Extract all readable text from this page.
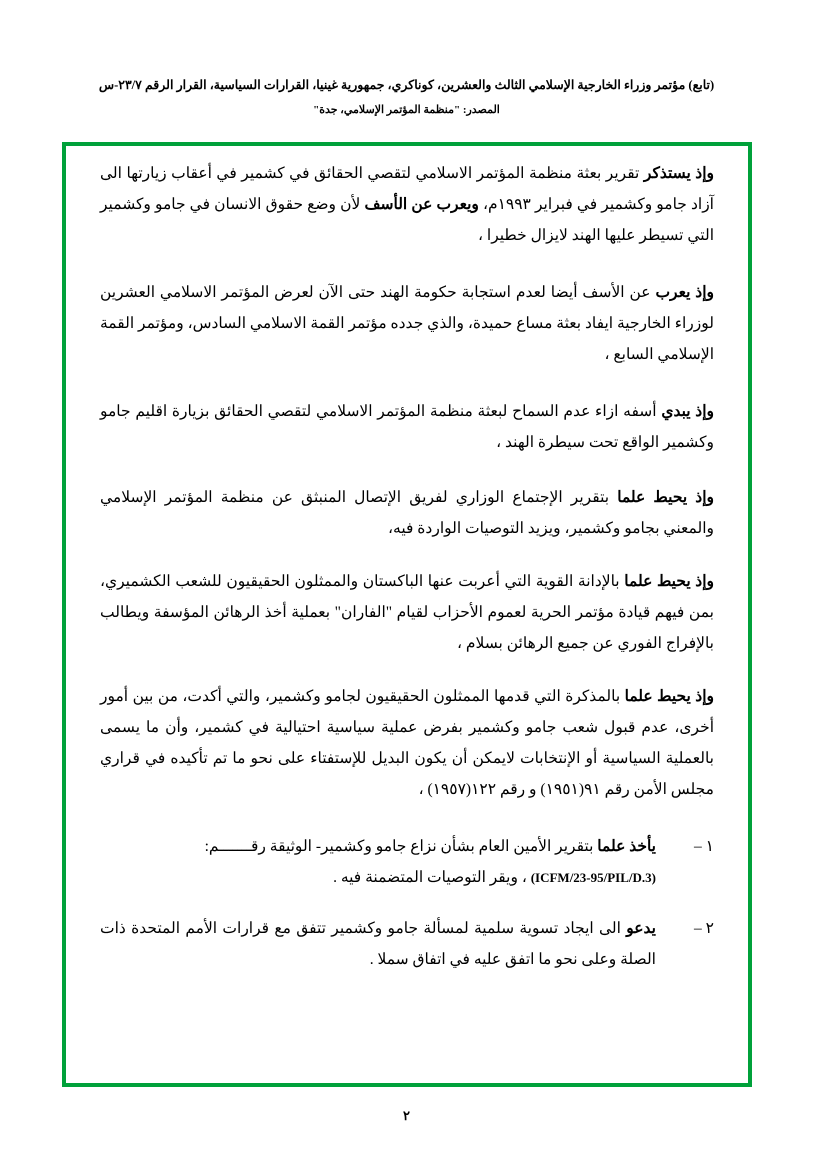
(تابع) مؤتمر وزراء الخارجية الإسلامي الثالث والعشرين، كوناكري، جمهورية غينيا، القرارات السياسية، القرار الرقم ٢٣/٧-س
المصدر: "منظمة المؤتمر الإسلامي، جدة"

وإذ يستذكر تقرير بعثة منظمة المؤتمر الاسلامي لتقصي الحقائق في كشمير في أعقاب زيارتها الى آزاد جامو وكشمير في فبراير ١٩٩٣م، ويعرب عن الأسف لأن وضع حقوق الانسان في جامو وكشمير التي تسيطر عليها الهند لايزال خطيرا ،

وإذ يعرب عن الأسف أيضا لعدم استجابة حكومة الهند حتى الآن لعرض المؤتمر الاسلامي العشرين لوزراء الخارجية ايفاد بعثة مساع حميدة، والذي جدده مؤتمر القمة الاسلامي السادس، ومؤتمر القمة الإسلامي السابع ،

وإذ يبدي أسفه ازاء عدم السماح لبعثة منظمة المؤتمر الاسلامي لتقصي الحقائق بزيارة اقليم جامو وكشمير الواقع تحت سيطرة الهند ،

وإذ يحيط علما بتقرير الإجتماع الوزاري لفريق الإتصال المنبثق عن منظمة المؤتمر الإسلامي والمعني بجامو وكشمير، ويزيد التوصيات الواردة فيه،

وإذ يحيط علما بالإدانة القوية التي أعربت عنها الباكستان والممثلون الحقيقيون للشعب الكشميري، بمن فيهم قيادة مؤتمر الحرية لعموم الأحزاب لقيام "الفاران" بعملية أخذ الرهائن المؤسفة ويطالب بالإفراج الفوري عن جميع الرهائن بسلام ،

وإذ يحيط علما بالمذكرة التي قدمها الممثلون الحقيقيون لجامو وكشمير، والتي أكدت، من بين أمور أخرى، عدم قبول شعب جامو وكشمير بفرض عملية سياسية احتيالية في كشمير، وأن ما يسمى بالعملية السياسية أو الإنتخابات لايمكن أن يكون البديل للإستفتاء على نحو ما تم تأكيده في قراري مجلس الأمن رقم ٩١(١٩٥١) و رقم ١٢٢(١٩٥٧) ،

١ –
يأخذ علما بتقرير الأمين العام بشأن نزاع جامو وكشمير- الوثيقة رقـــــــم:
(ICFM/23-95/PIL/D.3) ، ويقر التوصيات المتضمنة فيه .
٢ –
يدعو الى ايجاد تسوية سلمية لمسألة جامو وكشمير تتفق مع قرارات الأمم المتحدة ذات الصلة وعلى نحو ما اتفق عليه في اتفاق سملا .
٢
